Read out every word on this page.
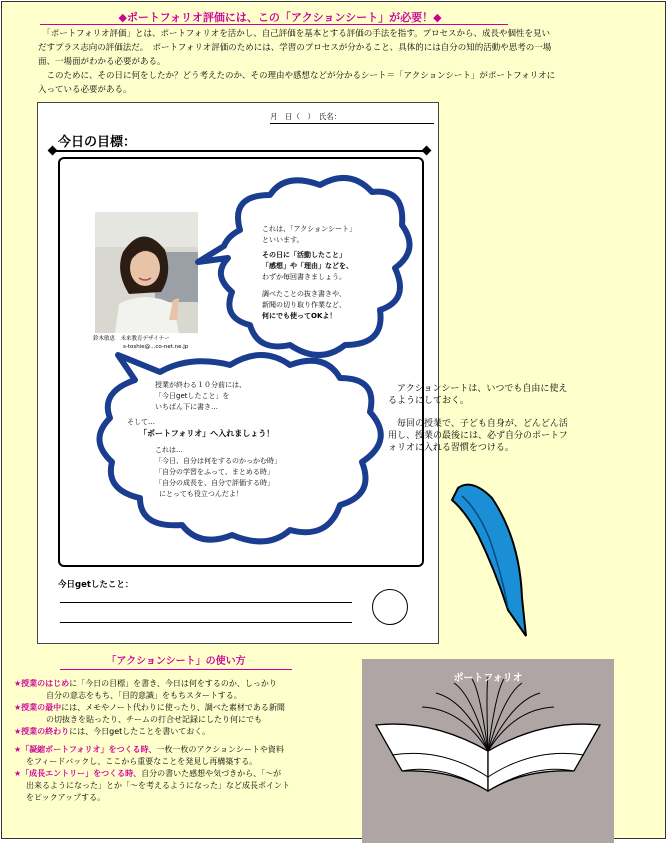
◆ポートフォリオ評価には、この「アクションシート」が必要！◆

　「ポートフォリオ評価」とは、ポートフォリオを活かし、自己評価を基本とする評価の手法を指す。プロセスから、成長や個性を見いだすプラス志向の評価法だ。　ポートフォリオ評価のためには、学習のプロセスが分かること、具体的には自分の知的活動や思考の一場面、一場面がわかる必要がある。

　このために、その日に何をしたか？どう考えたのか、その理由や感想などが分かるシート＝「アクションシート」がポートフォリオに入っている必要がある。

月　日（　）　氏名：
今日の目標：
鈴木敏恵　未来教育デザイナー
s-toshie@...co-net.ne.jp
これは、「アクションシート」
といいます。
その日に「活動したこと」
「感想」や「理由」などを、
わずか毎回書きましょう。
調べたことの抜き書きや、
新聞の切り取り作業など、
何にでも使ってOKよ！
授業が終わる１０分前には、
「今日getしたこと」を
いちばん下に書き…
そして…
「ポートフォリオ」へ入れましょう！
これは…
「今日、自分は何をするのかっかむ時」
「自分の学習をふって、まとめる時」
「自分の成長を、自分で評価する時」
にとっても役立つんだよ！
今日getしたこと：

アクションシートは、いつでも自由に使えるようにしておく。

毎回の授業で、子ども自身が、どんどん活用し、授業の最後には、必ず自分のポートフォリオに入れる習慣をつける。

「アクションシート」の使い方
★授業のはじめに「今日の目標」を書き、今日は何をするのか、しっかり
自分の意志をもち、「目的意識」をもちスタートする。
★授業の最中には、メモやノート代わりに使ったり、調べた素材である新聞
の切抜きを貼ったり、チームの打合せ記録にしたり何にでも
★授業の終わりには、今日getしたことを書いておく。
★「凝縮ポートフォリオ」をつくる時、一枚一枚のアクションシートや資料
をフィードバックし、ここから重要なことを発見し再構築する。
★「成長エントリー」をつくる時、自分の書いた感想や気づきから、「～が
出来るようになった」とか「～を考えるようになった」など成長ポイント
をピックアップする。
ポートフォリオ
